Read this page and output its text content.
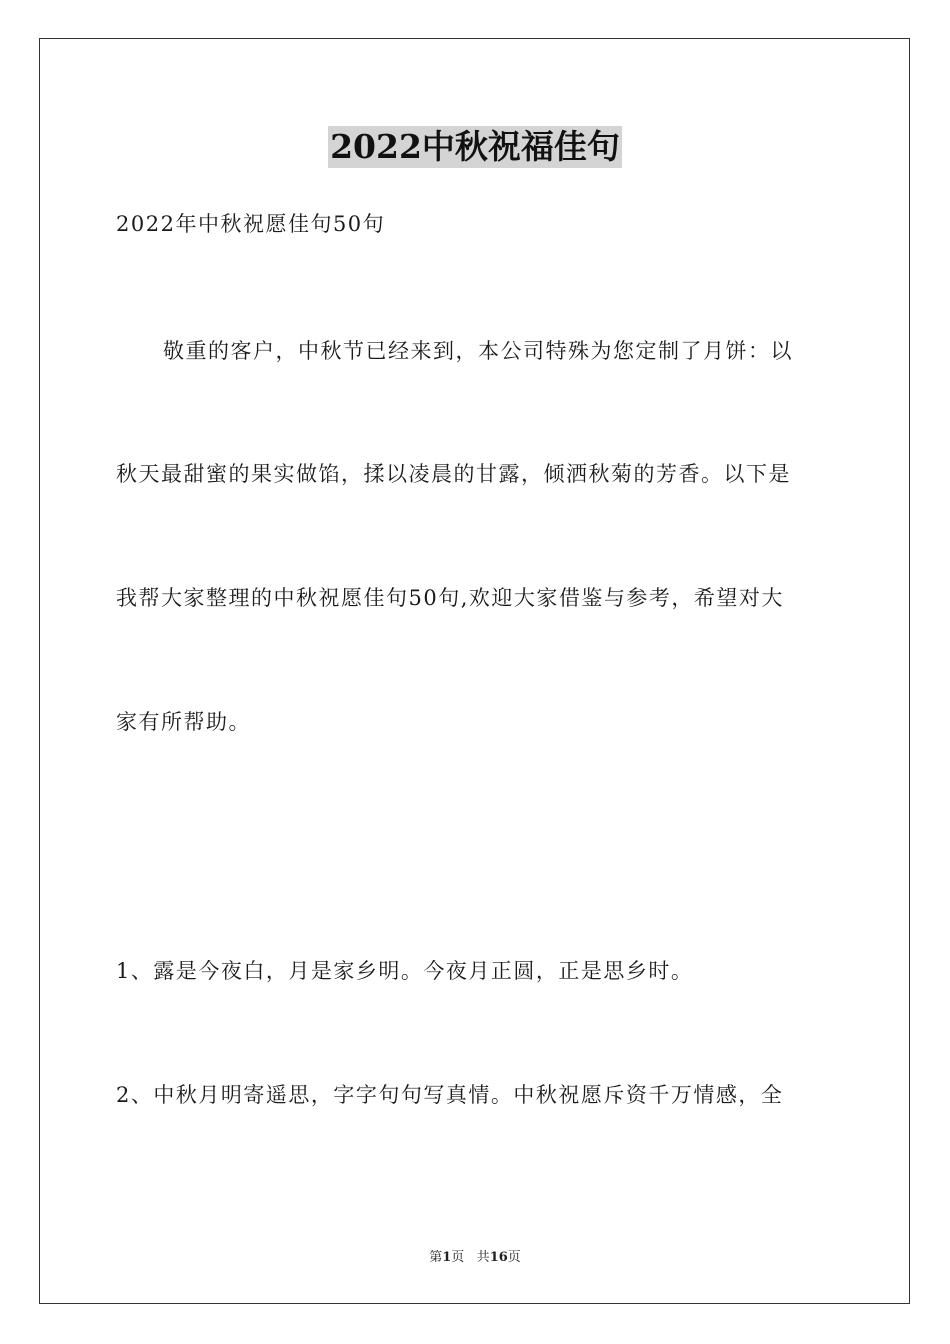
2022中秋祝福佳句
2022年中秋祝愿佳句50句
敬重的客户，中秋节已经来到，本公司特殊为您定制了月饼：以
秋天最甜蜜的果实做馅，揉以凌晨的甘露，倾洒秋菊的芳香。以下是
我帮大家整理的中秋祝愿佳句50句,欢迎大家借鉴与参考，希望对大
家有所帮助。
1、露是今夜白，月是家乡明。今夜月正圆，正是思乡时。
2、中秋月明寄遥思，字字句句写真情。中秋祝愿斥资千万情感，全
第1页 共16页
